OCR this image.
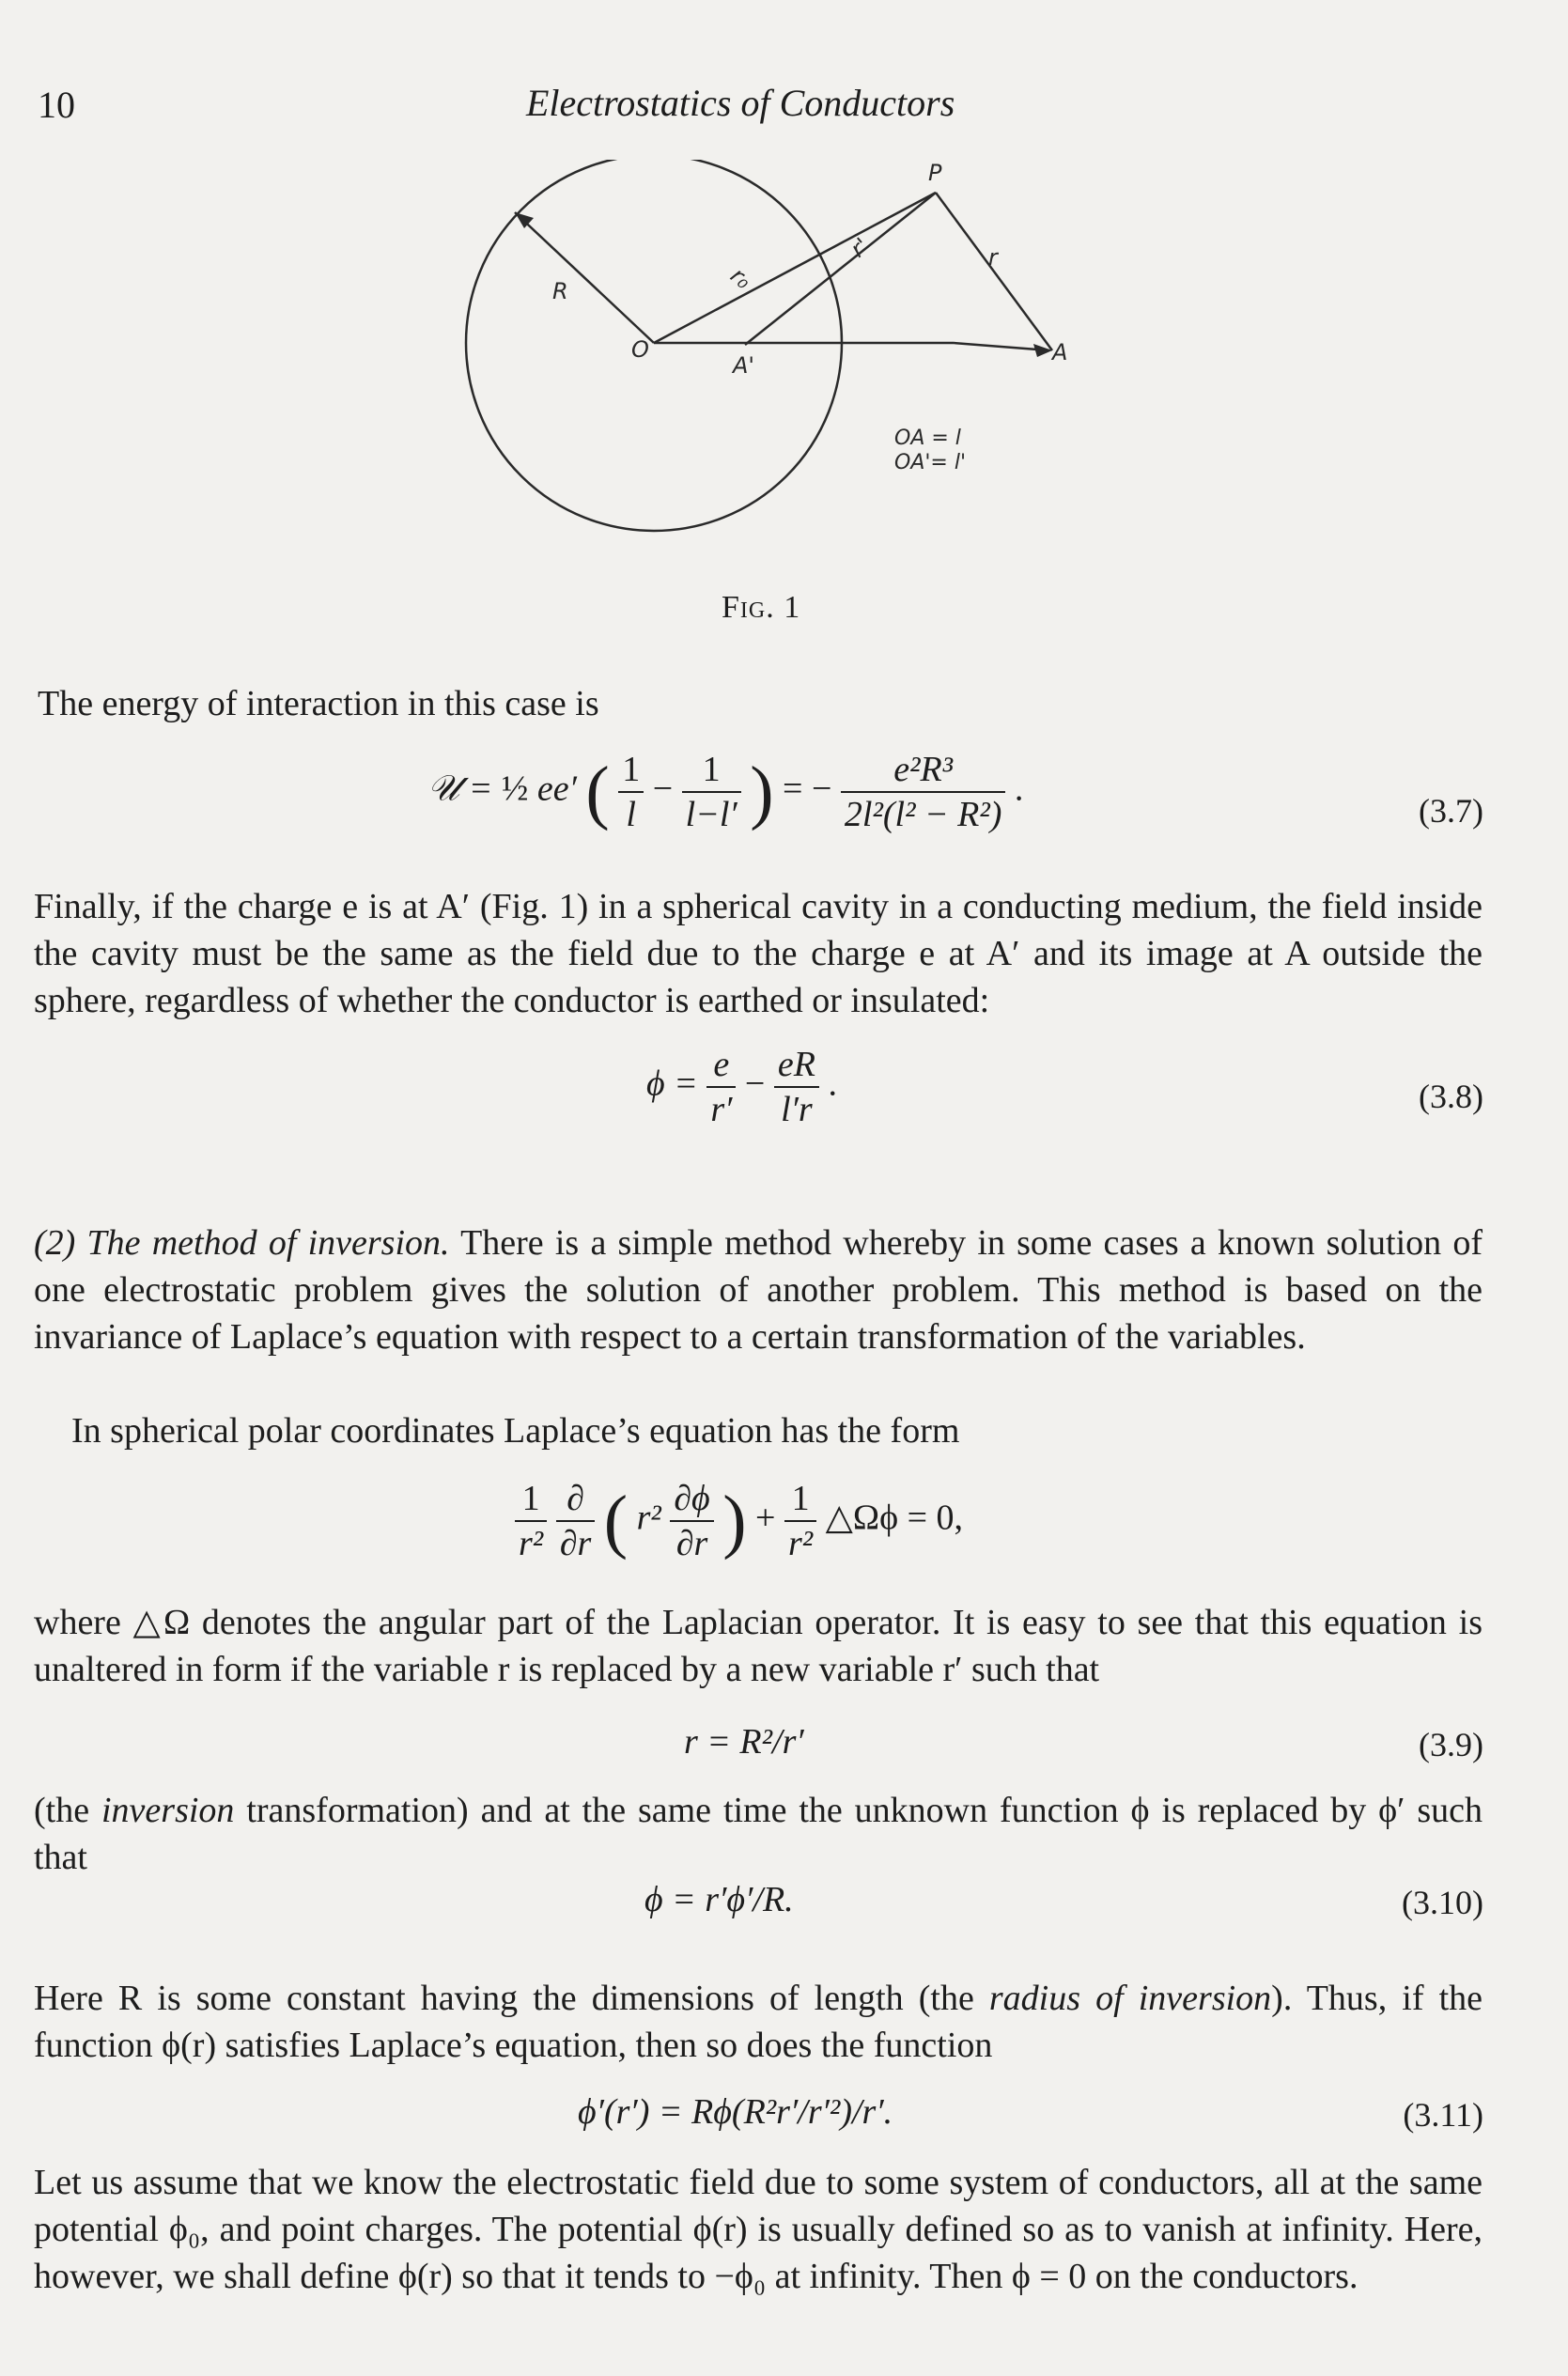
10	Electrostatics of Conductors
P
R	r₀
r'	r
O
A'	A
OA = l
OA'= l'
Fig. 1
The energy of interaction in this case is
𝒰 = ½ ee′ ( $\frac{1}{l} - \frac{1}{l-l'}$ ) = − $\frac{\text{e²R³}}{\text{2l²(l² − R²)}}$ .
(3.7)
Finally, if the charge e is at A′ (Fig. 1) in a spherical cavity in a conducting medium, the field inside the cavity must be the same as the field due to the charge e at A′ and its image at A outside the sphere, regardless of whether the conductor is earthed or insulated:
$\phi = \frac{e}{r'} - \frac{eR}{l'r}$ .	(3.8)
(2) The method of inversion. There is a simple method whereby in some cases a known solution of one electrostatic problem gives the solution of another problem. This method is based on the invariance of Laplace’s equation with respect to a certain transformation of the variables.
In spherical polar coordinates Laplace’s equation has the form
$\frac{1}{\text{r²}}$
$\frac{\partial}{\partial r}$ ( $r^2 \frac{\partial\phi}{\partial r}$ ) + $\frac{1}{\text{r²}}$ △Ωϕ = 0,
where △Ω denotes the angular part of the Laplacian operator. It is easy to see that this equation is unaltered in form if the variable r is replaced by a new variable r′ such that
r = R²/r′	(3.9)
(the inversion transformation) and at the same time the unknown function ϕ is replaced by ϕ′ such that
ϕ = r′ϕ′/R.	(3.10)
Here R is some constant having the dimensions of length (the radius of inversion). Thus, if the function ϕ(r) satisfies Laplace’s equation, then so does the function
ϕ′(r′) = Rϕ(R²r′/r′²)/r′.	(3.11)
Let us assume that we know the electrostatic field due to some system of conductors, all at the same potential ϕ₀, and point charges. The potential ϕ(r) is usually defined so as to vanish at infinity. Here, however, we shall define ϕ(r) so that it tends to −ϕ₀ at infinity. Then ϕ = 0 on the conductors.
